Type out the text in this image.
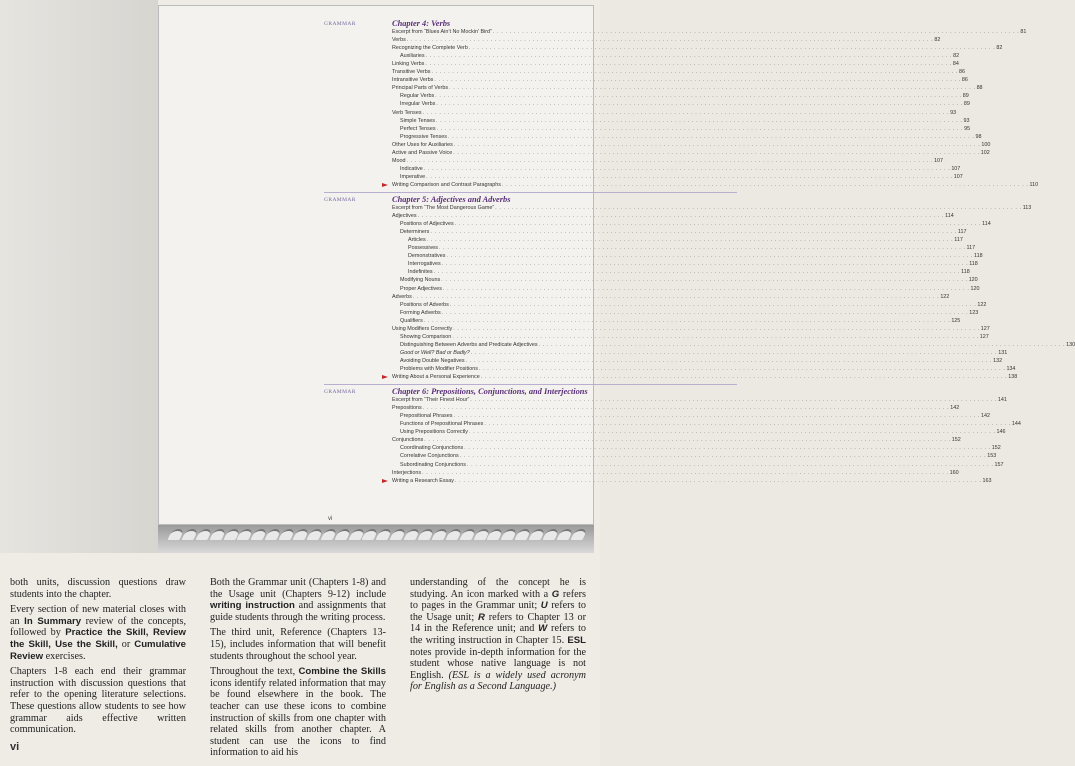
GRAMMAR	Chapter 4: Verbs
Excerpt from “Blues Ain’t No Mockin’ Bird” . . .	81
Verbs . . .	82
Recognizing the Complete Verb . . .	82
Auxiliaries . . .	82
Linking Verbs . . .	84
Transitive Verbs . . .	86
Intransitive Verbs . . .	86
Principal Parts of Verbs . . .	88
Regular Verbs . . .	89
Irregular Verbs . . .	89
Verb Tenses . . .	93
Simple Tenses . . .	93
Perfect Tenses . . .	95
Progressive Tenses . . .	98
Other Uses for Auxiliaries . . .	100
Active and Passive Voice . . .	102
Mood . . .	107
Indicative . . .	107
Imperative . . .	107
Writing Comparison and Contrast Paragraphs . . .	110
GRAMMAR	Chapter 5: Adjectives and Adverbs
Excerpt from “The Most Dangerous Game” . . .	113
Adjectives . . .	114
Positions of Adjectives . . .	114
Determiners . . .	117
Articles . . .	117
Possessives . . .	117
Demonstratives . . .	118
Interrogatives . . .	118
Indefinites . . .	118
Modifying Nouns . . .	120
Proper Adjectives . . .	120
Adverbs . . .	122
Positions of Adverbs . . .	122
Forming Adverbs . . .	123
Qualifiers . . .	125
Using Modifiers Correctly . . .	127
Showing Comparison . . .	127
Distinguishing Between Adverbs and Predicate Adjectives . . .	130
Good or Well? Bad or Badly? . . .	131
Avoiding Double Negatives . . .	132
Problems with Modifier Positions . . .	134
Writing About a Personal Experience . . .	138
GRAMMAR	Chapter 6: Prepositions, Conjunctions, and Interjections
Excerpt from “Their Finest Hour” . . .	141
Prepositions . . .	142
Prepositional Phrases . . .	142
Functions of Prepositional Phrases . . .	144
Using Prepositions Correctly . . .	146
Conjunctions . . .	152
Coordinating Conjunctions . . .	152
Correlative Conjunctions . . .	153
Subordinating Conjunctions . . .	157
Interjections . . .	160
Writing a Research Essay . . .	163
vi

both units, discussion questions draw students into the chapter.

Every section of new material closes with an In Summary review of the concepts, followed by Practice the Skill, Review the Skill, Use the Skill, or Cumulative Review exercises.

Chapters 1-8 each end their grammar instruction with discussion questions that refer to the opening literature selections. These questions allow students to see how grammar aids effective written communication.

Both the Grammar unit (Chapters 1-8) and the Usage unit (Chapters 9-12) include writing instruction and assignments that guide students through the writing process.

The third unit, Reference (Chapters 13-15), includes information that will benefit students throughout the school year.

Throughout the text, Combine the Skills icons identify related information that may be found elsewhere in the book. The teacher can use these icons to combine instruction of skills from one chapter with related skills from another chapter. A student can use the icons to find information to aid his

understanding of the concept he is studying. An icon marked with a G refers to pages in the Grammar unit; U refers to the Usage unit; R refers to Chapter 13 or 14 in the Reference unit; and W refers to the writing instruction in Chapter 15. ESL notes provide in-depth information for the student whose native language is not English. (ESL is a widely used acronym for English as a Second Language.)

vi
